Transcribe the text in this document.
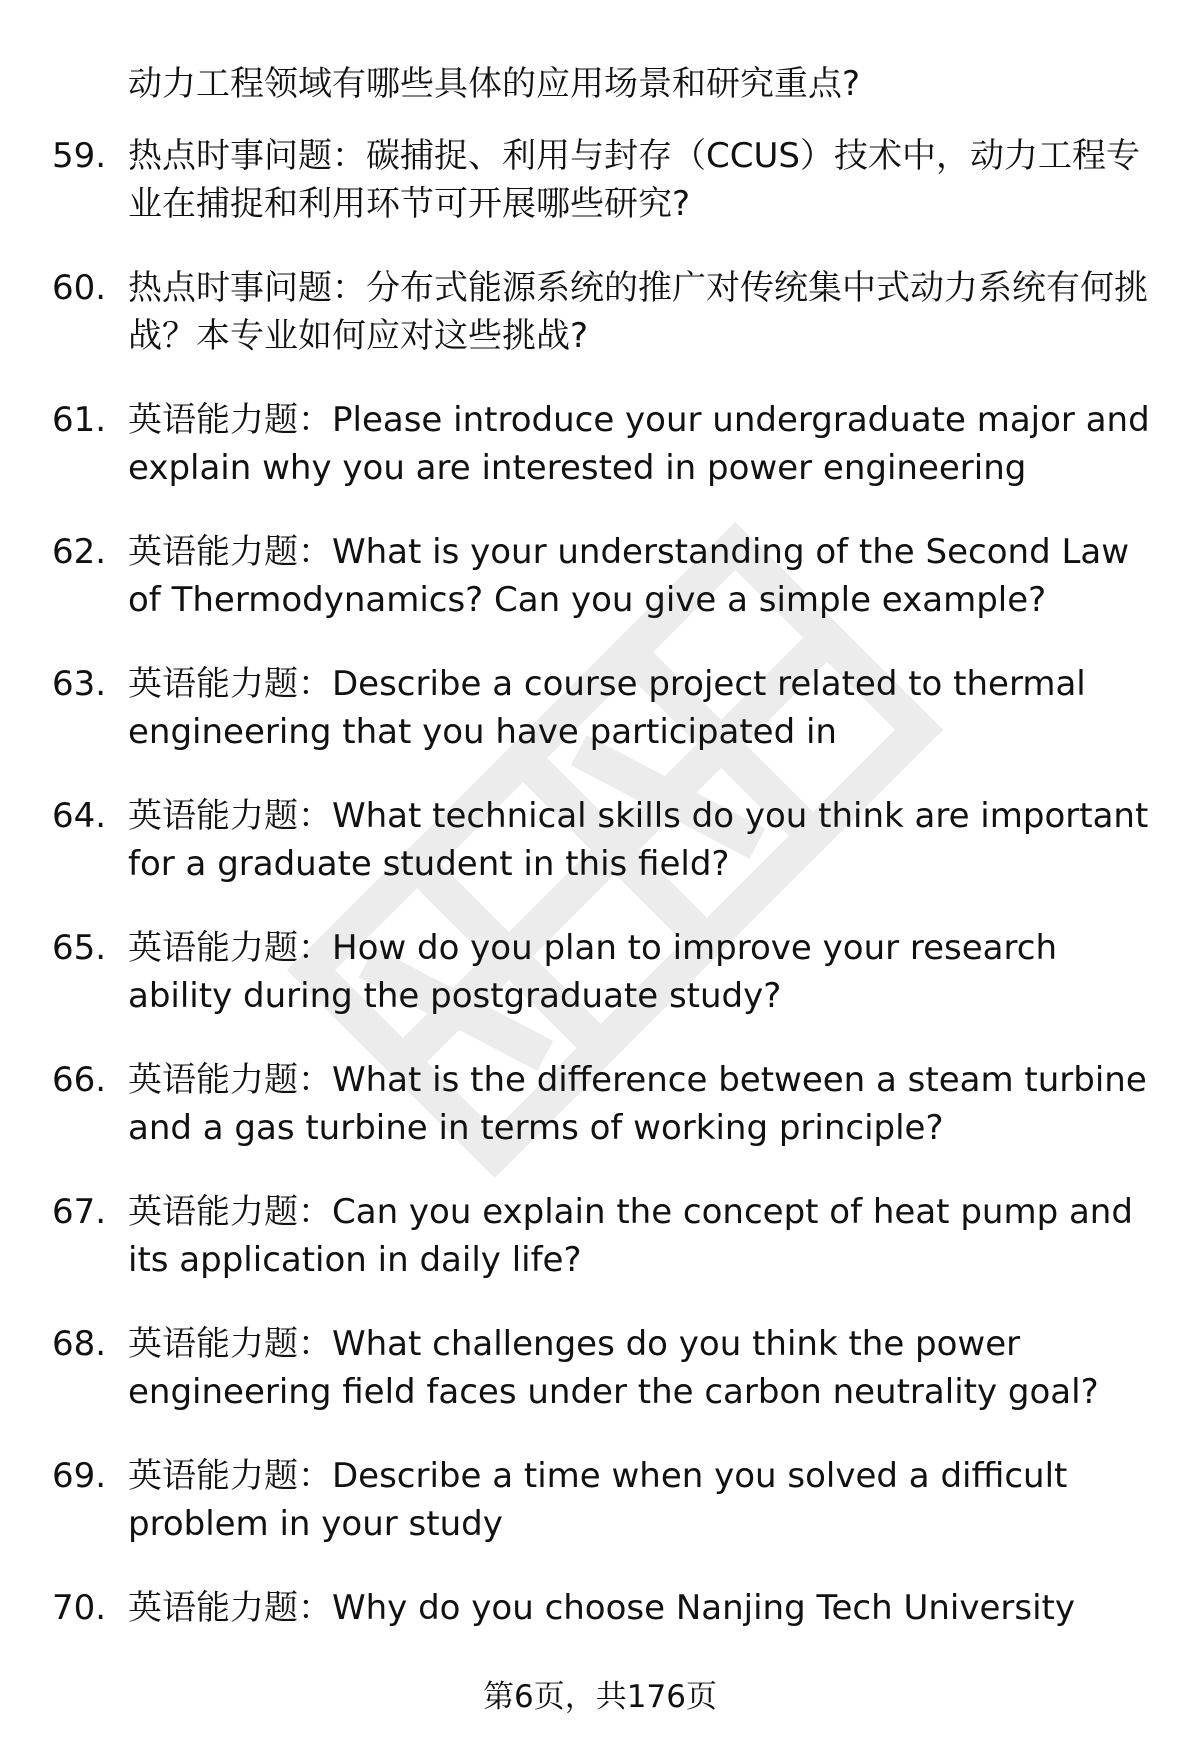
动力工程领域有哪些具体的应用场景和研究重点?
59. 热点时事问题：碳捕捉、利用与封存（CCUS）技术中，动力工程专业在捕捉和利用环节可开展哪些研究?
60. 热点时事问题：分布式能源系统的推广对传统集中式动力系统有何挑战？本专业如何应对这些挑战?
61. 英语能力题：Please introduce your undergraduate major and explain why you are interested in power engineering
62. 英语能力题：What is your understanding of the Second Law of Thermodynamics? Can you give a simple example?
63. 英语能力题：Describe a course project related to thermal engineering that you have participated in
64. 英语能力题：What technical skills do you think are important for a graduate student in this field?
65. 英语能力题：How do you plan to improve your research ability during the postgraduate study?
66. 英语能力题：What is the difference between a steam turbine and a gas turbine in terms of working principle?
67. 英语能力题：Can you explain the concept of heat pump and its application in daily life?
68. 英语能力题：What challenges do you think the power engineering field faces under the carbon neutrality goal?
69. 英语能力题：Describe a time when you solved a difficult problem in your study
70. 英语能力题：Why do you choose Nanjing Tech University
第6页，共176页
